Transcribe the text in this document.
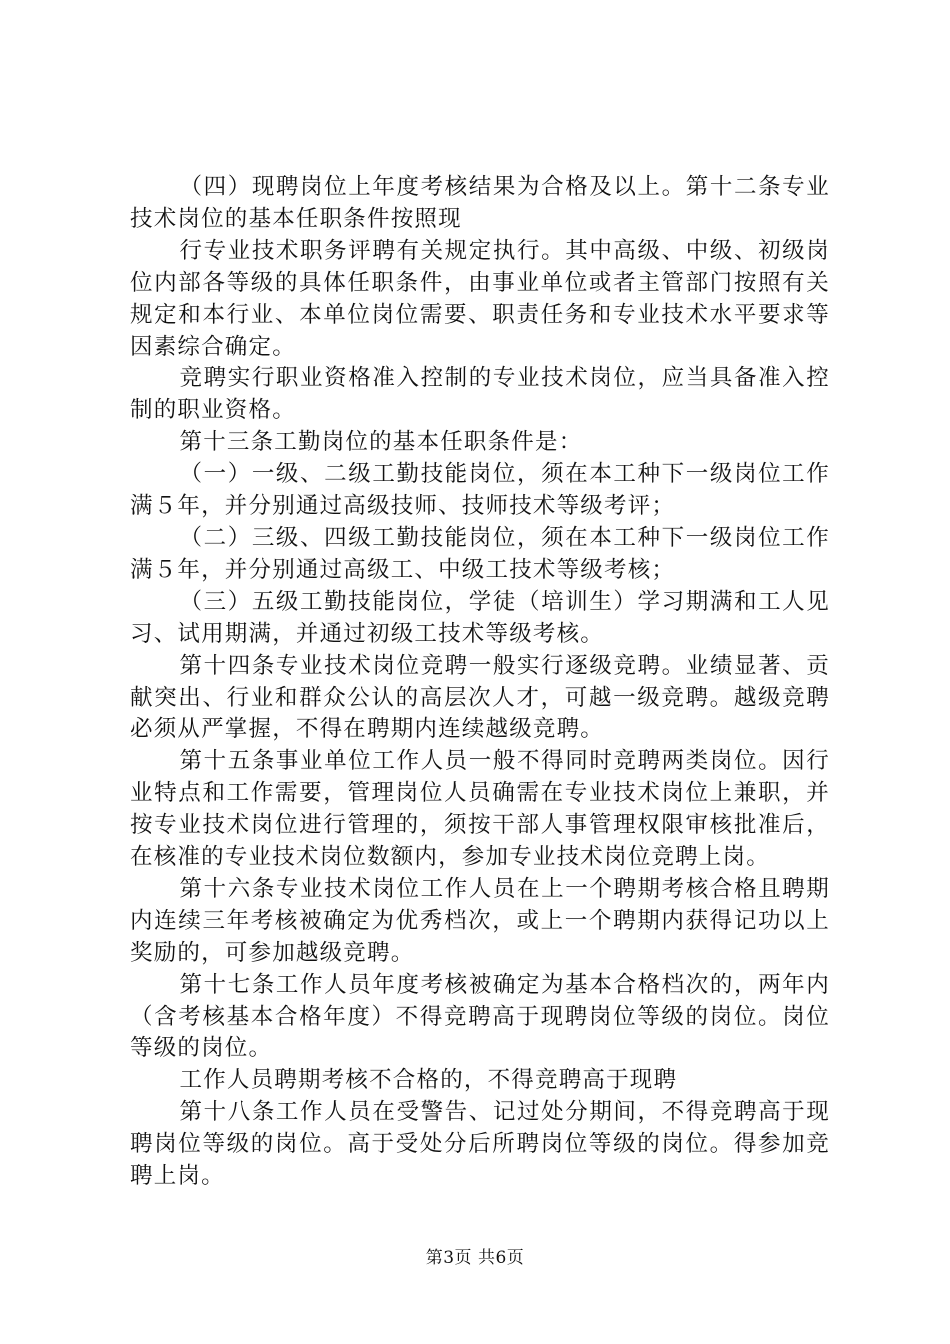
（四）现聘岗位上年度考核结果为合格及以上。第十二条专业技术岗位的基本任职条件按照现

行专业技术职务评聘有关规定执行。其中高级、中级、初级岗位内部各等级的具体任职条件，由事业单位或者主管部门按照有关规定和本行业、本单位岗位需要、职责任务和专业技术水平要求等因素综合确定。

竞聘实行职业资格准入控制的专业技术岗位，应当具备准入控制的职业资格。

第十三条工勤岗位的基本任职条件是：

（一）一级、二级工勤技能岗位，须在本工种下一级岗位工作满５年，并分别通过高级技师、技师技术等级考评；

（二）三级、四级工勤技能岗位，须在本工种下一级岗位工作满５年，并分别通过高级工、中级工技术等级考核；

（三）五级工勤技能岗位，学徒（培训生）学习期满和工人见习、试用期满，并通过初级工技术等级考核。

第十四条专业技术岗位竞聘一般实行逐级竞聘。业绩显著、贡献突出、行业和群众公认的高层次人才，可越一级竞聘。越级竞聘必须从严掌握，不得在聘期内连续越级竞聘。

第十五条事业单位工作人员一般不得同时竞聘两类岗位。因行业特点和工作需要，管理岗位人员确需在专业技术岗位上兼职，并按专业技术岗位进行管理的，须按干部人事管理权限审核批准后，在核准的专业技术岗位数额内，参加专业技术岗位竞聘上岗。

第十六条专业技术岗位工作人员在上一个聘期考核合格且聘期内连续三年考核被确定为优秀档次，或上一个聘期内获得记功以上奖励的，可参加越级竞聘。

第十七条工作人员年度考核被确定为基本合格档次的，两年内（含考核基本合格年度）不得竞聘高于现聘岗位等级的岗位。岗位等级的岗位。

工作人员聘期考核不合格的，不得竞聘高于现聘

第十八条工作人员在受警告、记过处分期间，不得竞聘高于现聘岗位等级的岗位。高于受处分后所聘岗位等级的岗位。得参加竞聘上岗。

第3页 共6页
